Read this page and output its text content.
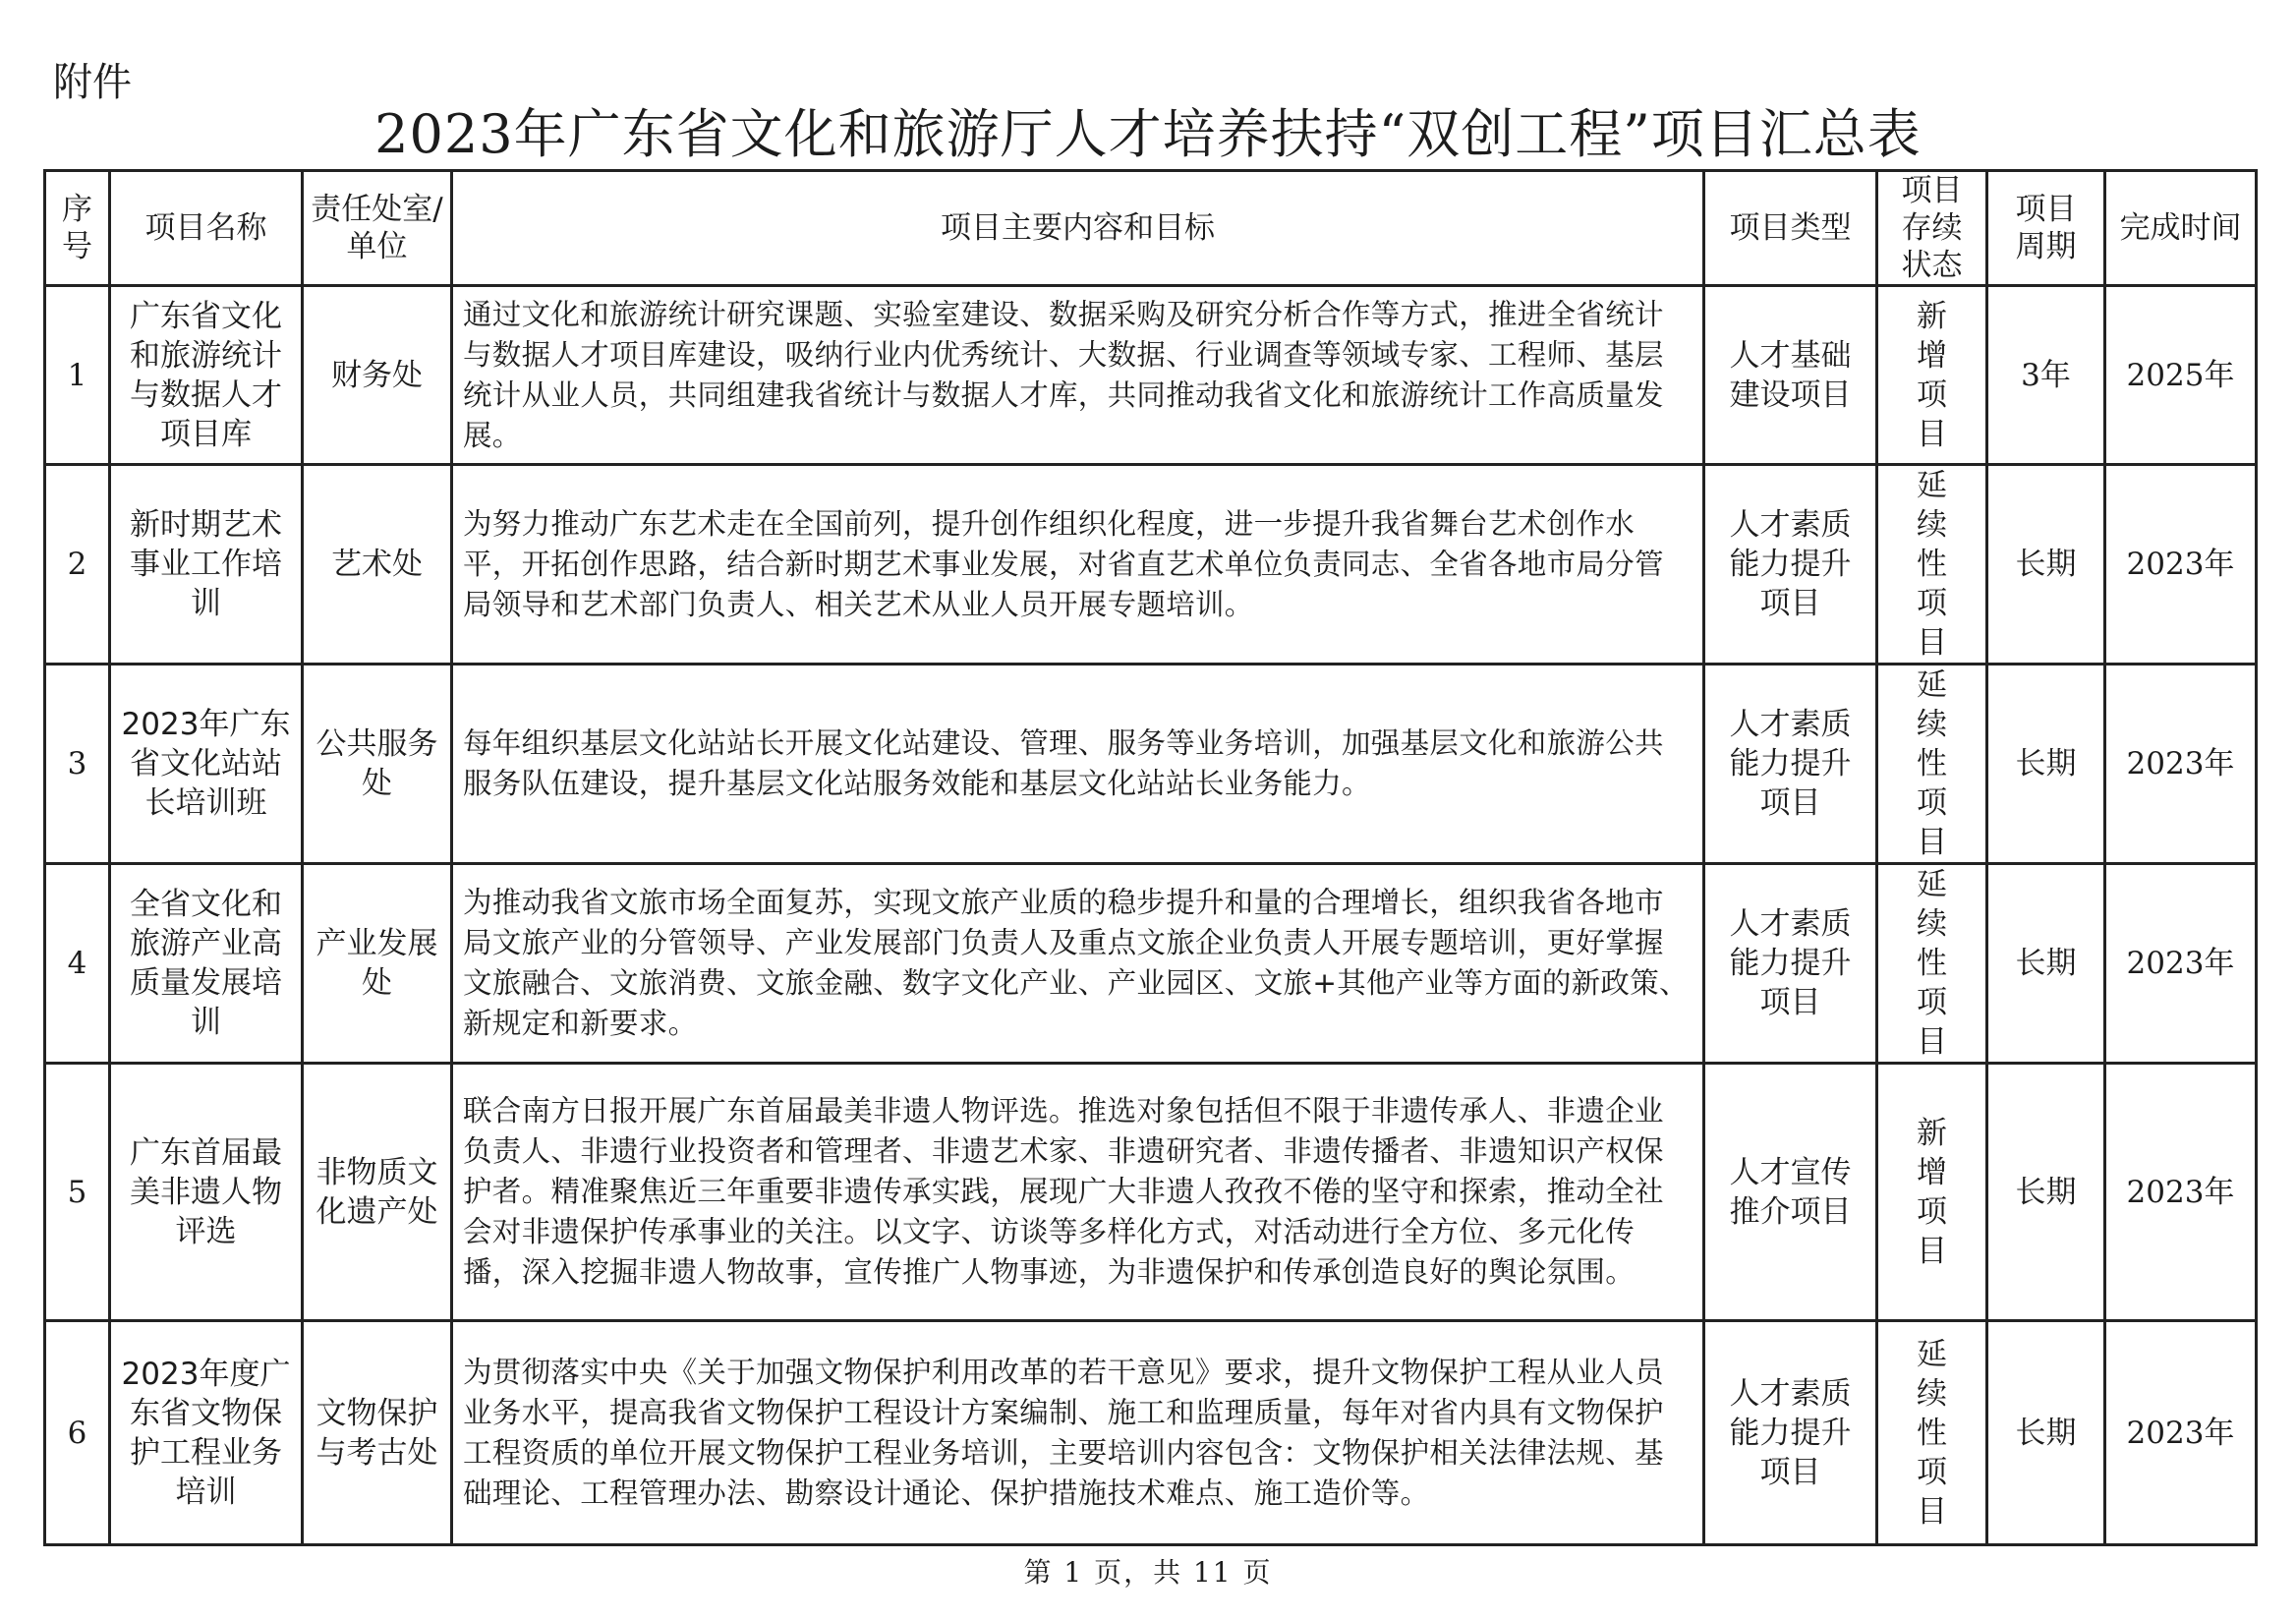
附件
2023年广东省文化和旅游厅人才培养扶持“双创工程”项目汇总表
序号	项目名称	责任处室/单位	项目主要内容和目标	项目类型	项目存续状态	项目周期	完成时间
1	广东省文化和旅游统计与数据人才项目库	财务处	通过文化和旅游统计研究课题、实验室建设、数据采购及研究分析合作等方式，推进全省统计与数据人才项目库建设，吸纳行业内优秀统计、大数据、行业调查等领域专家、工程师、基层统计从业人员，共同组建我省统计与数据人才库，共同推动我省文化和旅游统计工作高质量发展。	人才基础建设项目	新增项目	3年	2025年
2	新时期艺术事业工作培训	艺术处	为努力推动广东艺术走在全国前列，提升创作组织化程度，进一步提升我省舞台艺术创作水平，开拓创作思路，结合新时期艺术事业发展，对省直艺术单位负责同志、全省各地市局分管局领导和艺术部门负责人、相关艺术从业人员开展专题培训。	人才素质能力提升项目	延续性项目	长期	2023年
3	2023年广东省文化站站长培训班	公共服务处	每年组织基层文化站站长开展文化站建设、管理、服务等业务培训，加强基层文化和旅游公共服务队伍建设，提升基层文化站服务效能和基层文化站站长业务能力。	人才素质能力提升项目	延续性项目	长期	2023年
4	全省文化和旅游产业高质量发展培训	产业发展处	为推动我省文旅市场全面复苏，实现文旅产业质的稳步提升和量的合理增长，组织我省各地市局文旅产业的分管领导、产业发展部门负责人及重点文旅企业负责人开展专题培训，更好掌握文旅融合、文旅消费、文旅金融、数字文化产业、产业园区、文旅+其他产业等方面的新政策、新规定和新要求。	人才素质能力提升项目	延续性项目	长期	2023年
5	广东首届最美非遗人物评选	非物质文化遗产处	联合南方日报开展广东首届最美非遗人物评选。推选对象包括但不限于非遗传承人、非遗企业负责人、非遗行业投资者和管理者、非遗艺术家、非遗研究者、非遗传播者、非遗知识产权保护者。精准聚焦近三年重要非遗传承实践，展现广大非遗人孜孜不倦的坚守和探索，推动全社会对非遗保护传承事业的关注。以文字、访谈等多样化方式，对活动进行全方位、多元化传播，深入挖掘非遗人物故事，宣传推广人物事迹，为非遗保护和传承创造良好的舆论氛围。	人才宣传推介项目	新增项目	长期	2023年
6	2023年度广东省文物保护工程业务培训	文物保护与考古处	为贯彻落实中央《关于加强文物保护利用改革的若干意见》要求，提升文物保护工程从业人员业务水平，提高我省文物保护工程设计方案编制、施工和监理质量，每年对省内具有文物保护工程资质的单位开展文物保护工程业务培训，主要培训内容包含：文物保护相关法律法规、基础理论、工程管理办法、勘察设计通论、保护措施技术难点、施工造价等。	人才素质能力提升项目	延续性项目	长期	2023年
第 1 页，共 11 页
